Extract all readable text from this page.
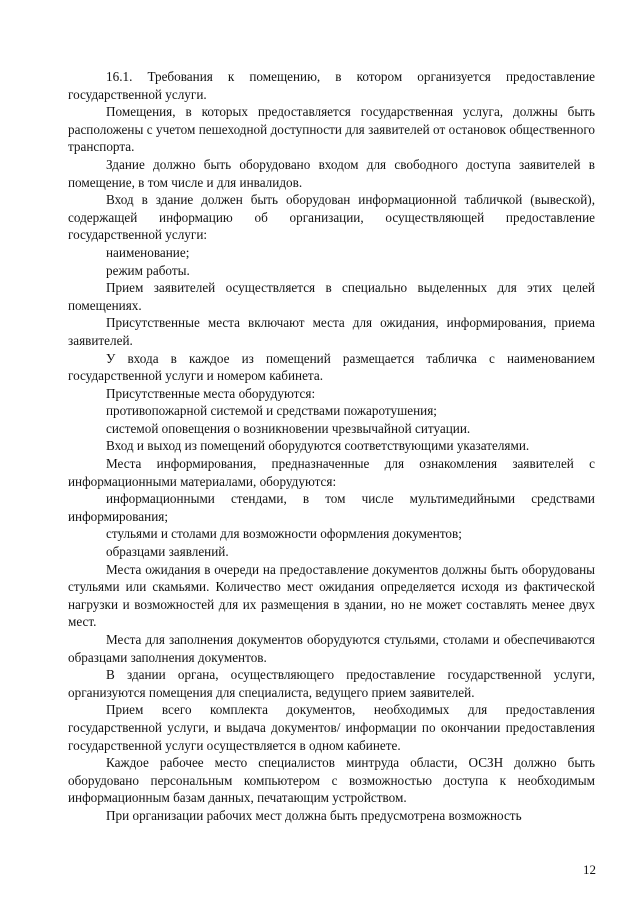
16.1. Требования к помещению, в котором организуется предоставление государственной услуги.

Помещения, в которых предоставляется государственная услуга, должны быть расположены с учетом пешеходной доступности для заявителей от остановок общественного транспорта.

Здание должно быть оборудовано входом для свободного доступа заявителей в помещение, в том числе и для инвалидов.

Вход в здание должен быть оборудован информационной табличкой (вывеской), содержащей информацию об организации, осуществляющей предоставление государственной услуги:

наименование;

режим работы.

Прием заявителей осуществляется в специально выделенных для этих целей помещениях.

Присутственные места включают места для ожидания, информирования, приема заявителей.

У входа в каждое из помещений размещается табличка с наименованием государственной услуги и номером кабинета.

Присутственные места оборудуются:

противопожарной системой и средствами пожаротушения;

системой оповещения о возникновении чрезвычайной ситуации.

Вход и выход из помещений оборудуются соответствующими указателями.

Места информирования, предназначенные для ознакомления заявителей с информационными материалами, оборудуются:

информационными стендами, в том числе мультимедийными средствами информирования;

стульями и столами для возможности оформления документов;

образцами заявлений.

Места ожидания в очереди на предоставление документов должны быть оборудованы стульями или скамьями. Количество мест ожидания определяется исходя из фактической нагрузки и возможностей для их размещения в здании, но не может составлять менее двух мест.

Места для заполнения документов оборудуются стульями, столами и обеспечиваются образцами заполнения документов.

В здании органа, осуществляющего предоставление государственной услуги, организуются помещения для специалиста, ведущего прием заявителей.

Прием всего комплекта документов, необходимых для предоставления государственной услуги, и выдача документов/ информации по окончании предоставления государственной услуги осуществляется в одном кабинете.

Каждое рабочее место специалистов минтруда области, ОСЗН должно быть оборудовано персональным компьютером с возможностью доступа к необходимым информационным базам данных, печатающим устройством.

При организации рабочих мест должна быть предусмотрена возможность

12
